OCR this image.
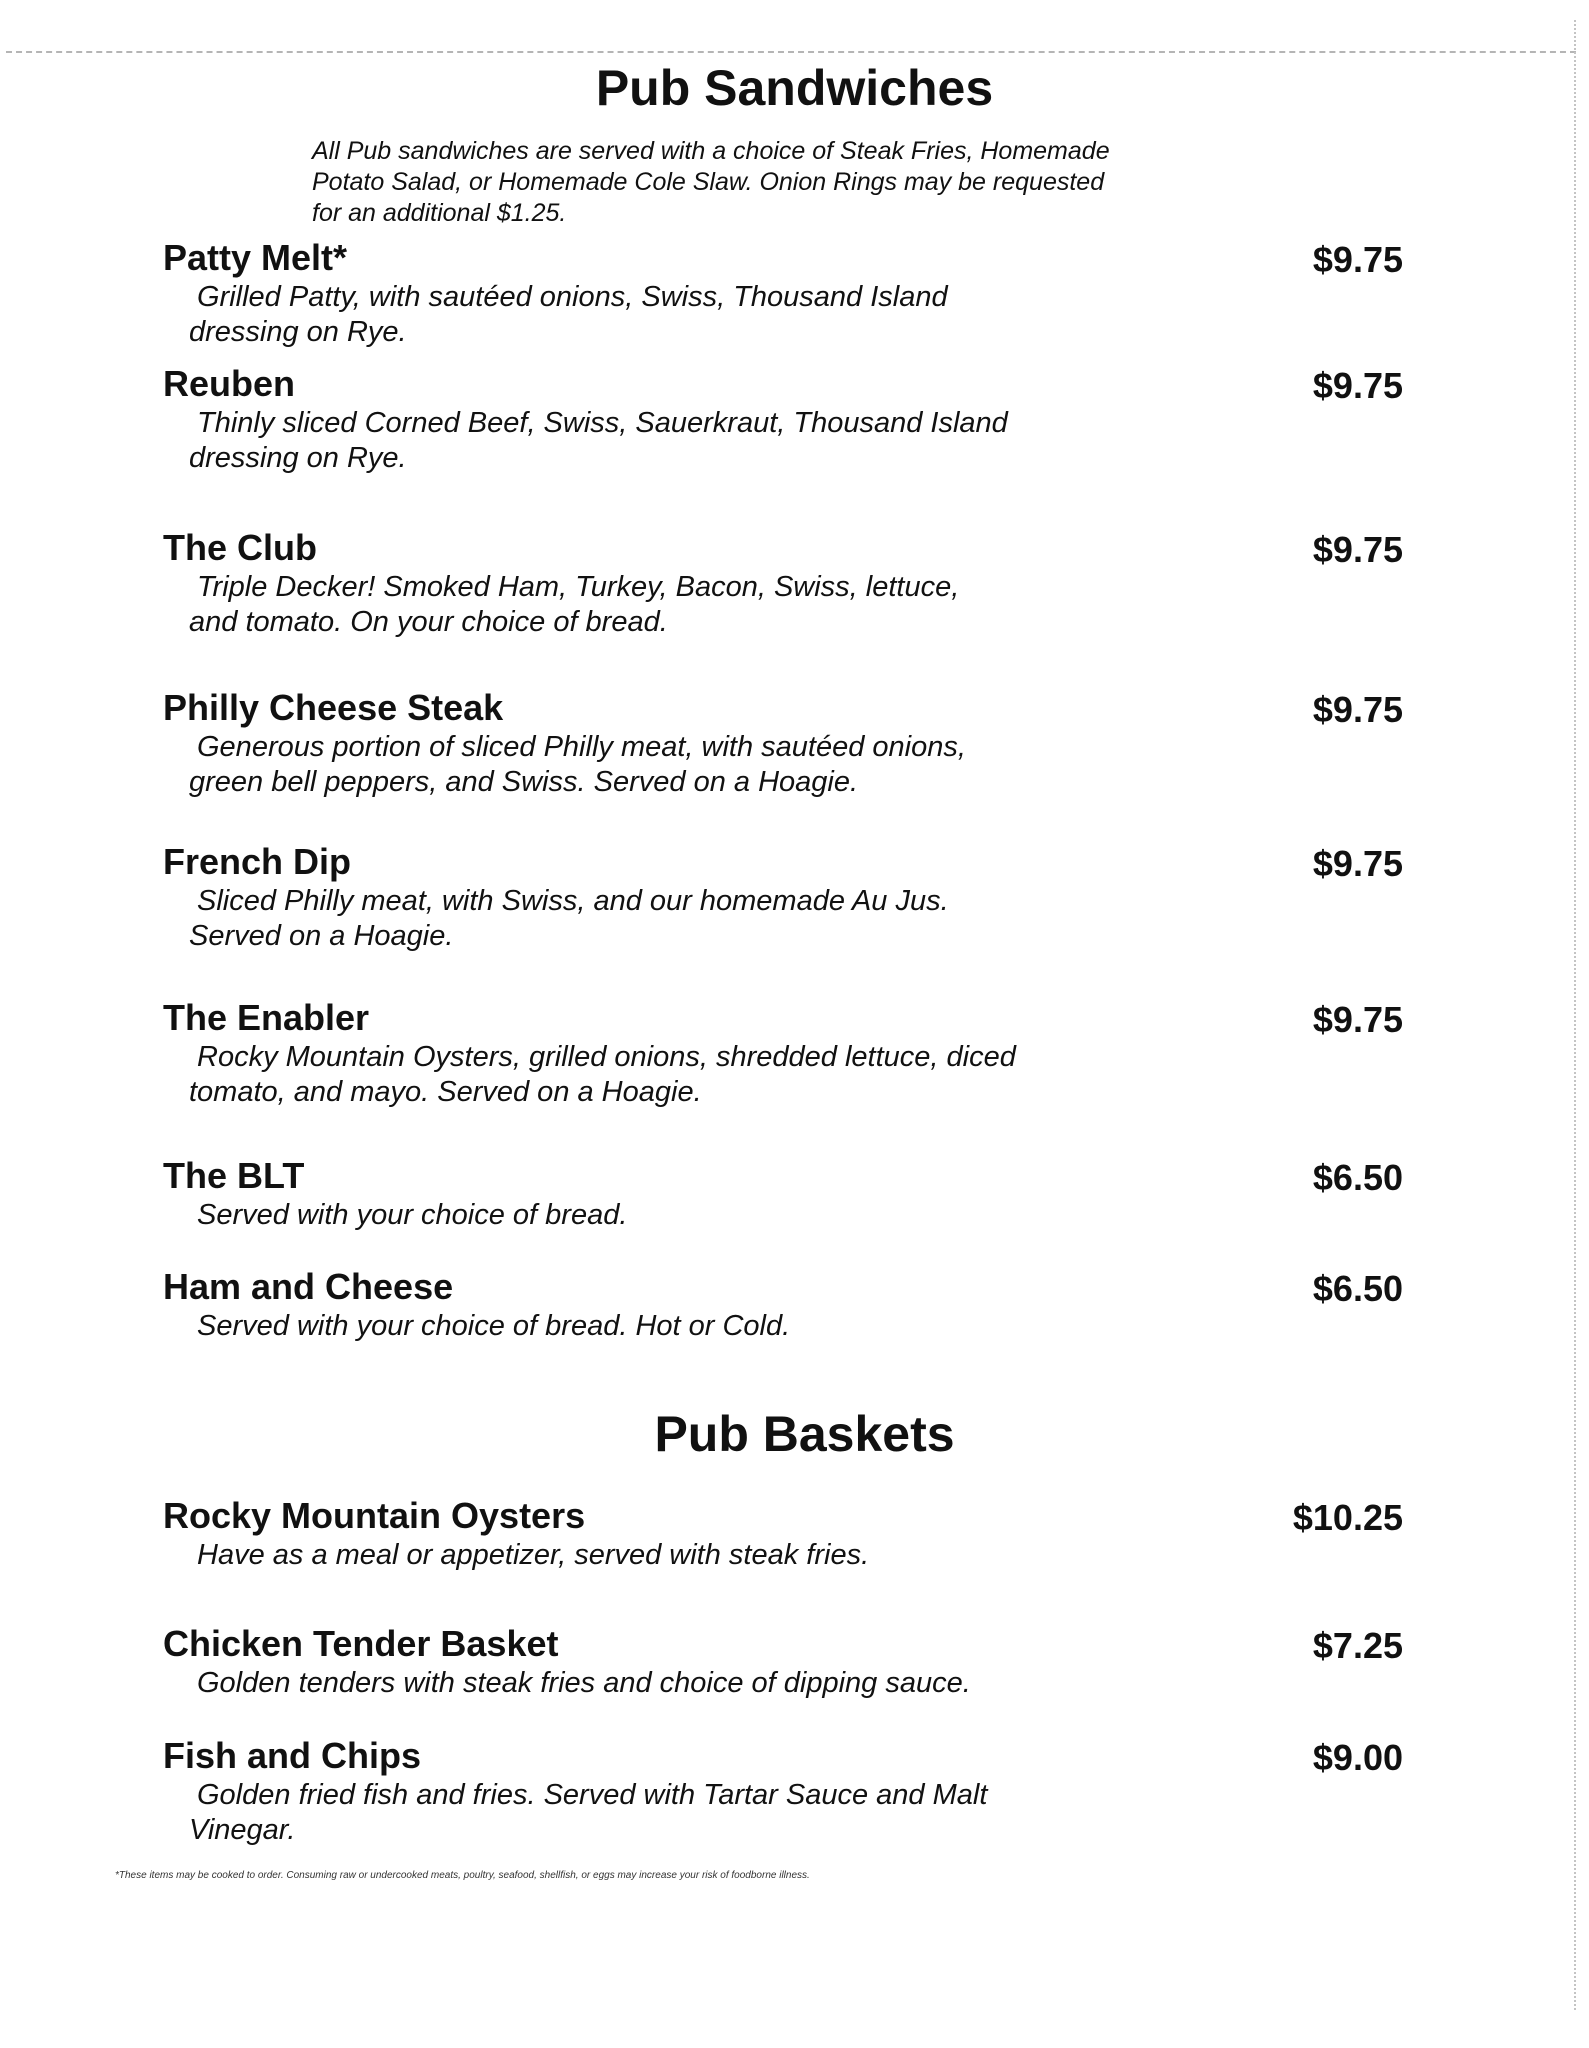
Pub Sandwiches
All Pub sandwiches are served with a choice of Steak Fries, Homemade Potato Salad, or Homemade Cole Slaw. Onion Rings may be requested for an additional $1.25.
Patty Melt*	$9.75
Grilled Patty, with sautéed onions, Swiss, Thousand Island
dressing on Rye.
Reuben	$9.75
Thinly sliced Corned Beef, Swiss, Sauerkraut, Thousand Island
dressing on Rye.
The Club	$9.75
Triple Decker! Smoked Ham, Turkey, Bacon, Swiss, lettuce,
and tomato. On your choice of bread.
Philly Cheese Steak	$9.75
Generous portion of sliced Philly meat, with sautéed onions,
green bell peppers, and Swiss. Served on a Hoagie.
French Dip	$9.75
Sliced Philly meat, with Swiss, and our homemade Au Jus.
Served on a Hoagie.
The Enabler	$9.75
Rocky Mountain Oysters, grilled onions, shredded lettuce, diced
tomato, and mayo. Served on a Hoagie.
The BLT	$6.50
Served with your choice of bread.
Ham and Cheese	$6.50
Served with your choice of bread. Hot or Cold.
Pub Baskets
Rocky Mountain Oysters	$10.25
Have as a meal or appetizer, served with steak fries.
Chicken Tender Basket	$7.25
Golden tenders with steak fries and choice of dipping sauce.
Fish and Chips	$9.00
Golden fried fish and fries. Served with Tartar Sauce and Malt
Vinegar.
*These items may be cooked to order. Consuming raw or undercooked meats, poultry, seafood, shellfish, or eggs may increase your risk of foodborne illness.
